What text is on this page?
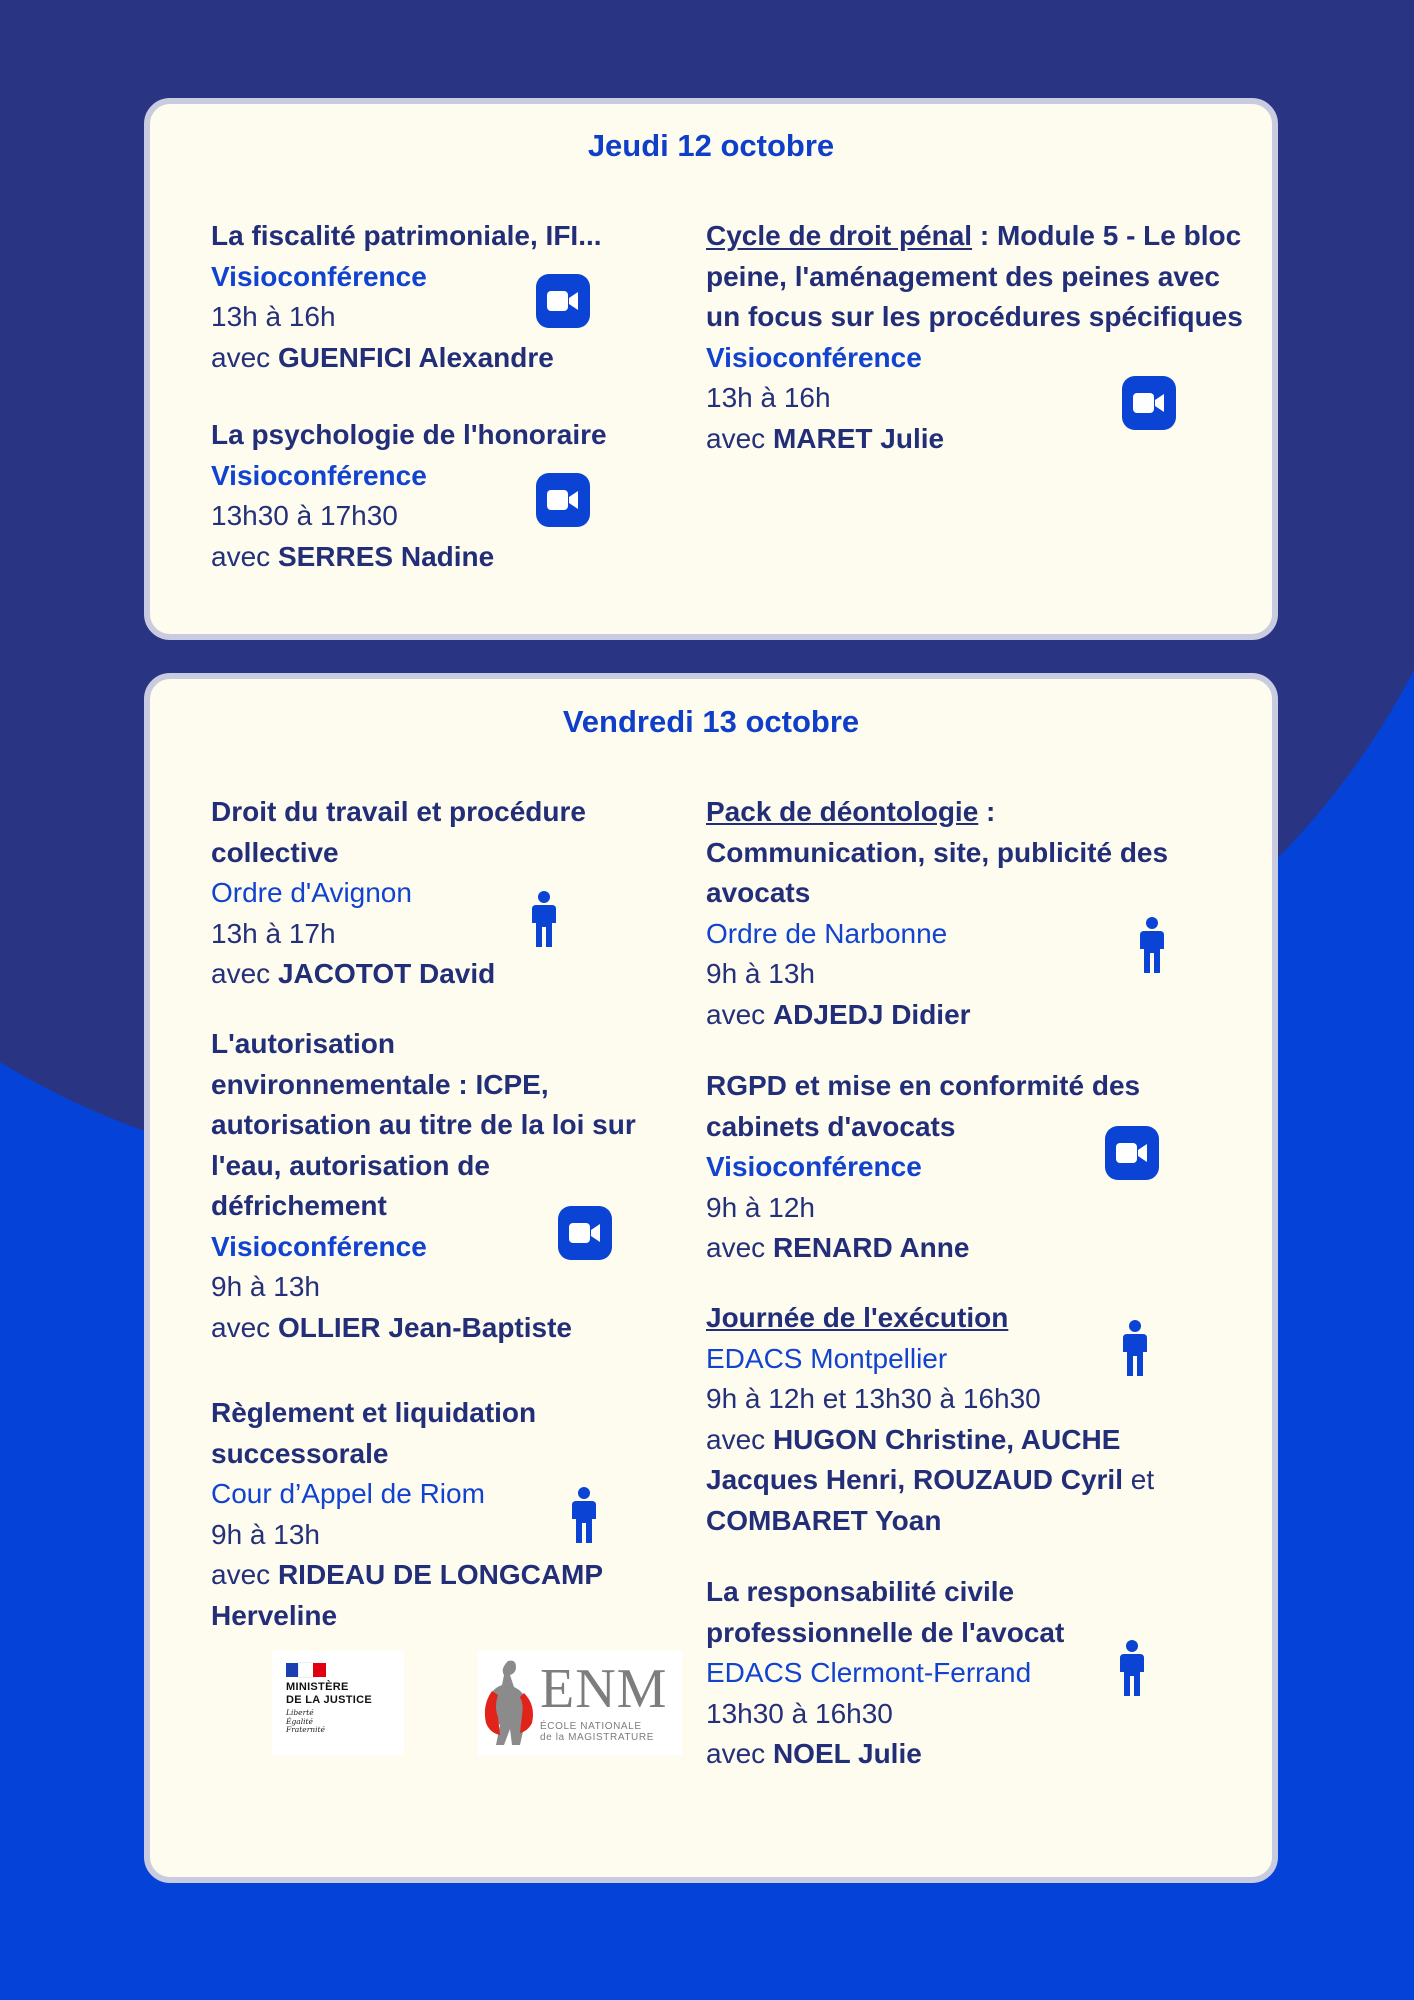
Jeudi 12 octobre
La fiscalité patrimoniale, IFI...
Visioconférence
13h à 16h
avec GUENFICI Alexandre
La psychologie de l'honoraire
Visioconférence
13h30 à 17h30
avec SERRES Nadine
Cycle de droit pénal : Module 5 - Le bloc peine, l'aménagement des peines avec un focus sur les procédures spécifiques
Visioconférence
13h à 16h
avec MARET Julie
Vendredi 13 octobre
Droit du travail et procédure collective
Ordre d'Avignon
13h à 17h
avec JACOTOT David
L'autorisation environnementale : ICPE, autorisation au titre de la loi sur l'eau, autorisation de défrichement
Visioconférence
9h à 13h
avec OLLIER Jean-Baptiste
Règlement et liquidation successorale
Cour d’Appel de Riom
9h à 13h
avec RIDEAU DE LONGCAMP Herveline
MINISTÈRE
DE LA JUSTICE
Liberté
Égalité
Fraternité
ENM
ÉCOLE NATIONALE
de la MAGISTRATURE
Pack de déontologie :
Communication, site, publicité des avocats
Ordre de Narbonne
9h à 13h
avec ADJEDJ Didier
RGPD et mise en conformité des cabinets d'avocats
Visioconférence
9h à 12h
avec RENARD Anne
Journée de l'exécution
EDACS Montpellier
9h à 12h et 13h30 à 16h30
avec HUGON Christine, AUCHE
Jacques Henri, ROUZAUD Cyril et
COMBARET Yoan
La responsabilité civile professionnelle de l'avocat
EDACS Clermont-Ferrand
13h30 à 16h30
avec NOEL Julie
